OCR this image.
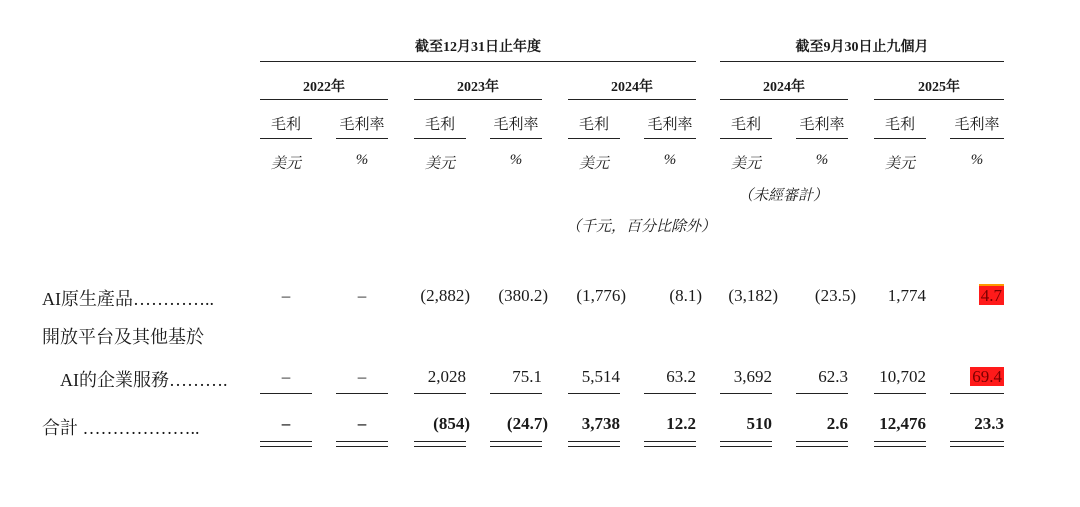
截至12月31日止年度	截至9月30日止九個月
2022年	2023年	2024年	2024年	2025年
毛利	毛利率	毛利	毛利率	毛利	毛利率	毛利	毛利率	毛利	毛利率
美元	%	美元	%	美元	%	美元	%	美元	%
（未經審計）
（千元，百分比除外）
AI原生產品…………..	–	–	(2,882)	(380.2)	(1,776)	(8.1)	(3,182)	(23.5)	1,774	4.7
開放平台及其他基於
AI的企業服務……….	–	–	2,028	75.1	5,514	63.2	3,692	62.3	10,702	69.4
合計 ………………..	–	–	(854)	(24.7)	3,738	12.2	510	2.6	12,476	23.3
